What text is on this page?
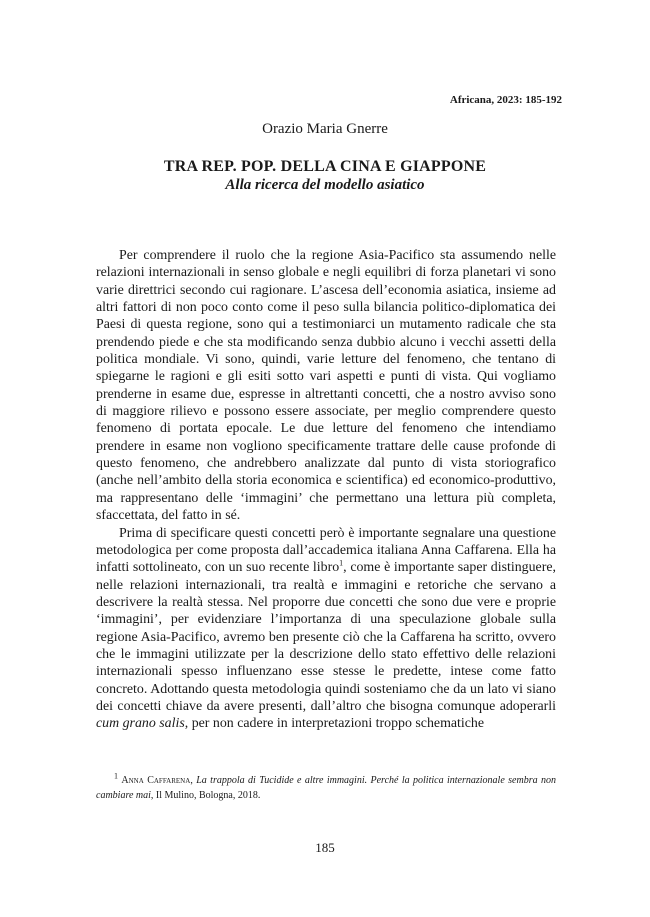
Africana, 2023: 185-192

Orazio Maria Gnerre

TRA REP. POP. DELLA CINA E GIAPPONE

Alla ricerca del modello asiatico

Per comprendere il ruolo che la regione Asia-Pacifico sta assumendo nelle relazioni internazionali in senso globale e negli equilibri di forza planetari vi sono varie direttrici secondo cui ragionare. L’ascesa dell’economia asiatica, insieme ad altri fattori di non poco conto come il peso sulla bilancia politico-diplomatica dei Paesi di questa regione, sono qui a testimoniarci un mutamento radicale che sta prendendo piede e che sta modificando senza dubbio alcuno i vecchi assetti della politica mondiale. Vi sono, quindi, varie letture del fenomeno, che tentano di spiegarne le ragioni e gli esiti sotto vari aspetti e punti di vista. Qui vogliamo prenderne in esame due, espresse in altrettanti concetti, che a nostro avviso sono di maggiore rilievo e possono essere associate, per meglio comprendere questo fenomeno di portata epocale. Le due letture del fenomeno che intendiamo prendere in esame non vogliono specificamente trattare delle cause profonde di questo fenomeno, che andrebbero analizzate dal punto di vista storiografico (anche nell’ambito della storia economica e scientifica) ed economico-produttivo, ma rappresentano delle ‘immagini’ che permettano una lettura più completa, sfaccettata, del fatto in sé.

Prima di specificare questi concetti però è importante segnalare una questione metodologica per come proposta dall’accademica italiana Anna Caffarena. Ella ha infatti sottolineato, con un suo recente libro$^1$, come è importante saper distinguere, nelle relazioni internazionali, tra realtà e immagini e retoriche che servano a descrivere la realtà stessa. Nel proporre due concetti che sono due vere e proprie ‘immagini’, per evidenziare l’importanza di una speculazione globale sulla regione Asia-Pacifico, avremo ben presente ciò che la Caffarena ha scritto, ovvero che le immagini utilizzate per la descrizione dello stato effettivo delle relazioni internazionali spesso influenzano esse stesse le predette, intese come fatto concreto. Adottando questa metodologia quindi sosteniamo che da un lato vi siano dei concetti chiave da avere presenti, dall’altro che bisogna comunque adoperarli cum grano salis, per non cadere in interpretazioni troppo schematiche

$^1$ Anna Caffarena, La trappola di Tucidide e altre immagini. Perché la politica internazionale sembra non cambiare mai, Il Mulino, Bologna, 2018.

185
